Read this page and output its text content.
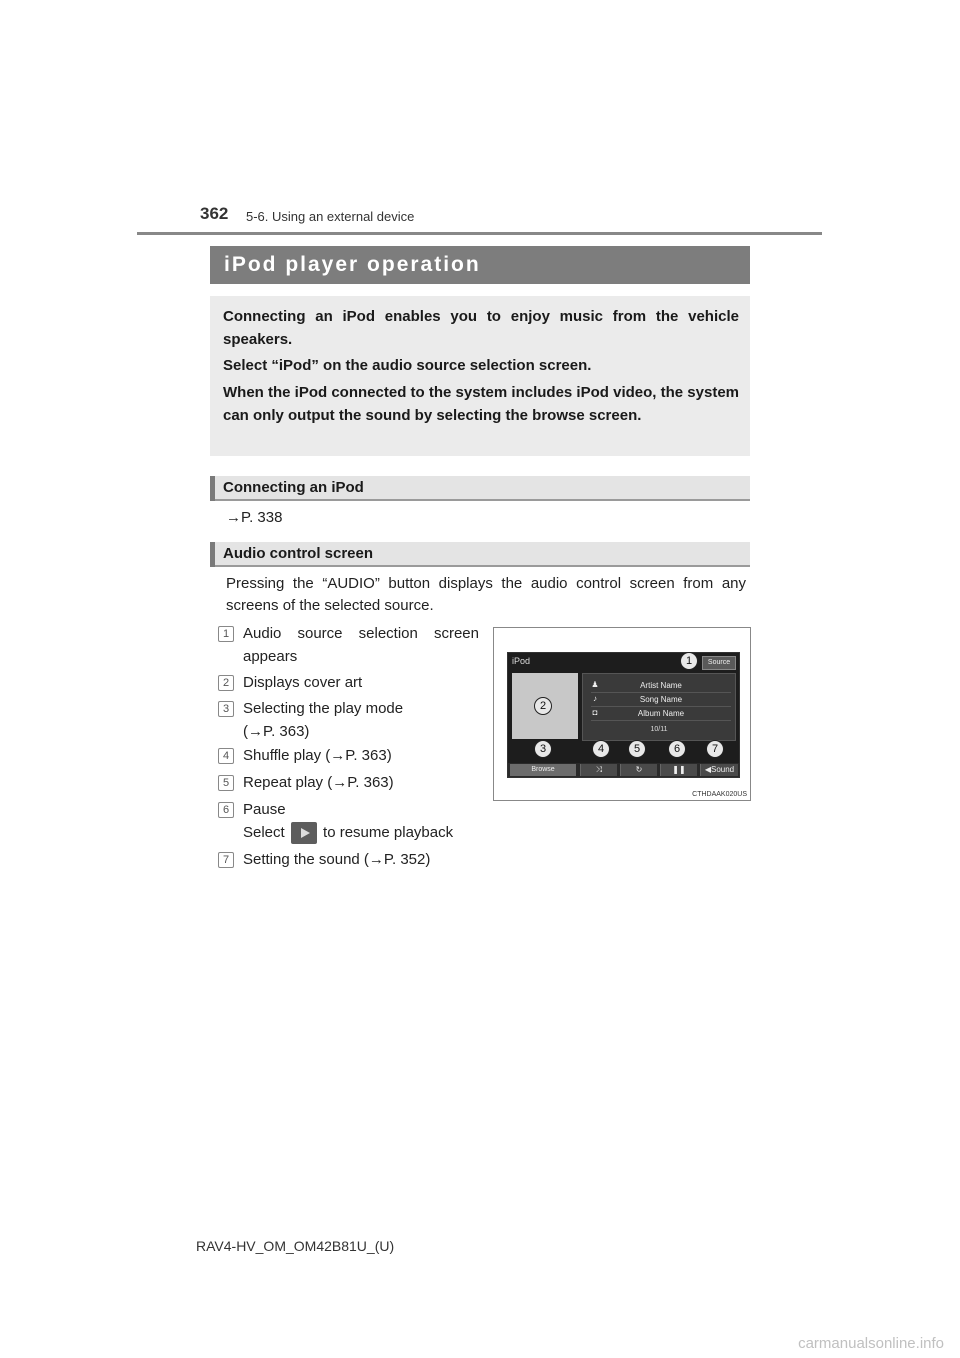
362 5-6. Using an external device
iPod player operation
Connecting an iPod enables you to enjoy music from the vehicle speakers.
Select “iPod” on the audio source selection screen.
When the iPod connected to the system includes iPod video, the system can only output the sound by selecting the browse screen.
Connecting an iPod
→P. 338
Audio control screen
Pressing the “AUDIO” button displays the audio control screen from any screens of the selected source.
1 Audio source selection screen appears
2 Displays cover art
3 Selecting the play mode
(→P. 363)
4 Shuffle play (→P. 363)
5 Repeat play (→P. 363)
6 Pause
Select	to resume playback
7 Setting the sound (→P. 352)
iPod	Source
♟	Artist Name
♪	Song Name
◘	Album Name
10/11
Browse	⤨	↻	❚❚	◀Sound
1
2
3	4	5	6	7
CTHDAAK020US
RAV4-HV_OM_OM42B81U_(U)
carmanualsonline.info
